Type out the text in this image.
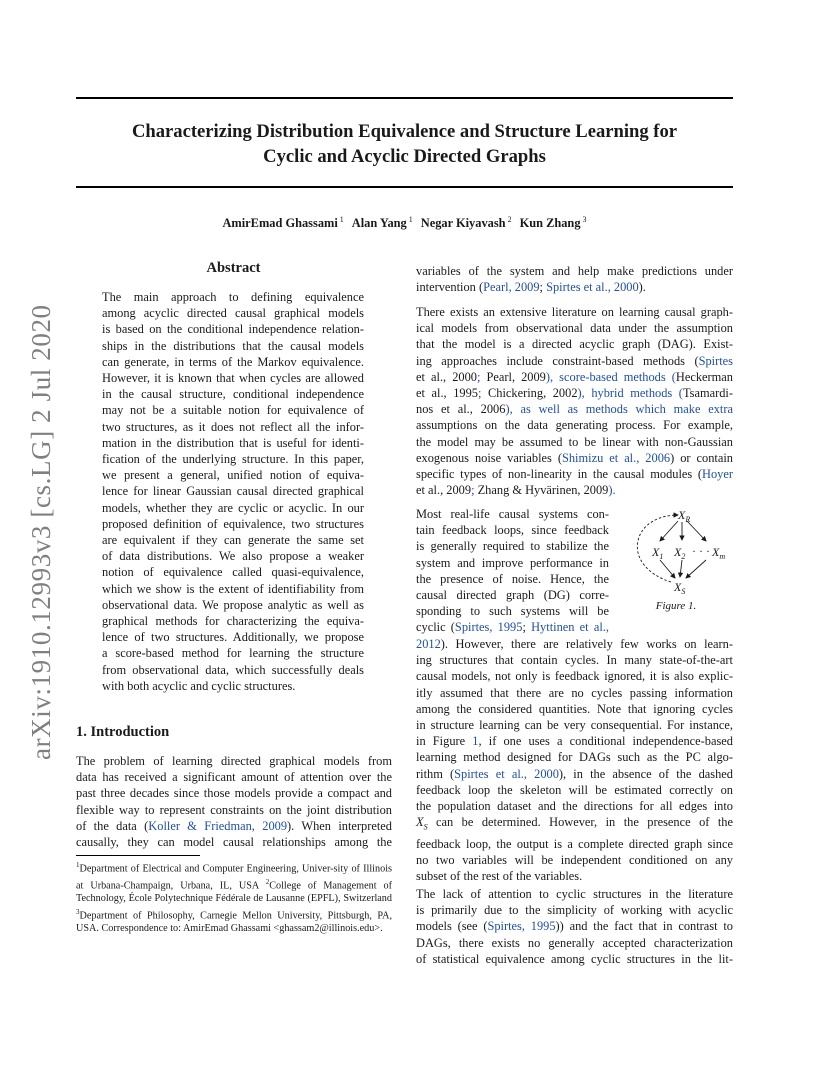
Characterizing Distribution Equivalence and Structure Learning for
Cyclic and Acyclic Directed Graphs
AmirEmad Ghassami $^1$ Alan Yang $^1$ Negar Kiyavash $^2$ Kun Zhang $^3$
arXiv:1910.12993v3 [cs.LG] 2 Jul 2020
Abstract
The main approach to defining equivalence
among acyclic directed causal graphical models
is based on the conditional independence relation-
ships in the distributions that the causal models
can generate, in terms of the Markov equivalence.
However, it is known that when cycles are allowed
in the causal structure, conditional independence
may not be a suitable notion for equivalence of
two structures, as it does not reflect all the infor-
mation in the distribution that is useful for identi-
fication of the underlying structure. In this paper,
we present a general, unified notion of equiva-
lence for linear Gaussian causal directed graphical
models, whether they are cyclic or acyclic. In our
proposed definition of equivalence, two structures
are equivalent if they can generate the same set
of data distributions. We also propose a weaker
notion of equivalence called quasi-equivalence,
which we show is the extent of identifiability from
observational data. We propose analytic as well as
graphical methods for characterizing the equiva-
lence of two structures. Additionally, we propose
a score-based method for learning the structure
from observational data, which successfully deals
with both acyclic and cyclic structures.
1. Introduction
The problem of learning directed graphical models from
data has received a significant amount of attention over the
past three decades since those models provide a compact and
flexible way to represent constraints on the joint distribution
of the data (Koller & Friedman, 2009). When interpreted
causally, they can model causal relationships among the

$^1$Department of Electrical and Computer Engineering, Univer-sity of Illinois at Urbana-Champaign, Urbana, IL, USA $^2$College of Management of Technology, École Polytechnique Fédérale de Lausanne (EPFL), Switzerland $^3$Department of Philosophy, Carnegie Mellon University, Pittsburgh, PA, USA. Correspondence to: AmirEmad Ghassami <ghassam2@illinois.edu>.

variables of the system and help make predictions under
intervention (Pearl, 2009; Spirtes et al., 2000).
There exists an extensive literature on learning causal graph-
ical models from observational data under the assumption
that the model is a directed acyclic graph (DAG). Exist-
ing approaches include constraint-based methods (Spirtes
et al., 2000; Pearl, 2009), score-based methods (Heckerman
et al., 1995; Chickering, 2002), hybrid methods (Tsamardi-
nos et al., 2006), as well as methods which make extra
assumptions on the data generating process. For example,
the model may be assumed to be linear with non-Gaussian
exogenous noise variables (Shimizu et al., 2006) or contain
specific types of non-linearity in the causal modules (Hoyer
et al., 2009; Zhang & Hyvärinen, 2009).
Most real-life causal systems con-
tain feedback loops, since feedback
is generally required to stabilize the
system and improve performance in
the presence of noise. Hence, the
causal directed graph (DG) corre-
sponding to such systems will be
cyclic (Spirtes, 1995; Hyttinen et al.,
2012). However, there are relatively few works on learn-
ing structures that contain cycles. In many state-of-the-art
causal models, not only is feedback ignored, it is also explic-
itly assumed that there are no cycles passing information
among the considered quantities. Note that ignoring cycles
in structure learning can be very consequential. For instance,
in Figure 1, if one uses a conditional independence-based
learning method designed for DAGs such as the PC algo-
rithm (Spirtes et al., 2000), in the absence of the dashed
feedback loop the skeleton will be estimated correctly on
the population dataset and the directions for all edges into
$X_S$ can be determined. However, in the presence of the
feedback loop, the output is a complete directed graph since
no two variables will be independent conditioned on any
subset of the rest of the variables.
The lack of attention to cyclic structures in the literature
is primarily due to the simplicity of working with acyclic
models (see (Spirtes, 1995)) and the fact that in contrast to
DAGs, there exists no generally accepted characterization
of statistical equivalence among cyclic structures in the lit-
$X_R$
$X_1$ $X_2$ · · · $X_m$
$X_S$
Figure 1.
